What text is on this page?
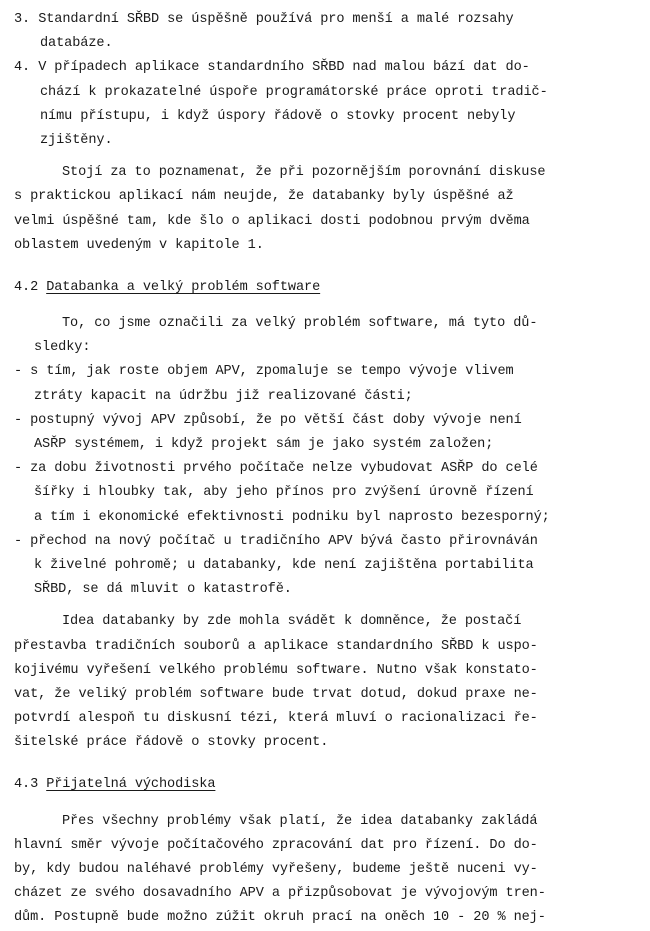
3. Standardní SŘBD se úspěšně používá pro menší a malé rozsahy
databáze.
4. V případech aplikace standardního SŘBD nad malou bází dat do-
chází k prokazatelné úspoře programátorské práce oproti tradič-
nímu přístupu, i když úspory řádově o stovky procent nebyly
zjištěny.
Stojí za to poznamenat, že při pozornějším porovnání diskuse
s praktickou aplikací nám neujde, že databanky byly úspěšné až
velmi úspěšné tam, kde šlo o aplikaci dosti podobnou prvým dvěma
oblastem uvedeným v kapitole 1.
4.2 Databanka a velký problém software
To, co jsme označili za velký problém software, má tyto dů-
sledky:
- s tím, jak roste objem APV, zpomaluje se tempo vývoje vlivem
ztráty kapacit na údržbu již realizované části;
- postupný vývoj APV způsobí, že po větší část doby vývoje není
ASŘP systémem, i když projekt sám je jako systém založen;
- za dobu životnosti prvého počítače nelze vybudovat ASŘP do celé
šířky i hloubky tak, aby jeho přínos pro zvýšení úrovně řízení
a tím i ekonomické efektivnosti podniku byl naprosto bezesporný;
- přechod na nový počítač u tradičního APV bývá často přirovnáván
k živelné pohromě; u databanky, kde není zajištěna portabilita
SŘBD, se dá mluvit o katastrofě.
Idea databanky by zde mohla svádět k domněnce, že postačí
přestavba tradičních souborů a aplikace standardního SŘBD k uspo-
kojivému vyřešení velkého problému software. Nutno však konstato-
vat, že veliký problém software bude trvat dotud, dokud praxe ne-
potvrdí alespoň tu diskusní tézi, která mluví o racionalizaci ře-
šitelské práce řádově o stovky procent.
4.3 Přijatelná východiska
Přes všechny problémy však platí, že idea databanky zakládá
hlavní směr vývoje počítačového zpracování dat pro řízení. Do do-
by, kdy budou naléhavé problémy vyřešeny, budeme ještě nuceni vy-
cházet ze svého dosavadního APV a přizpůsobovat je vývojovým tren-
dům. Postupně bude možno zúžit okruh prací na oněch 10 - 20 % nej-
